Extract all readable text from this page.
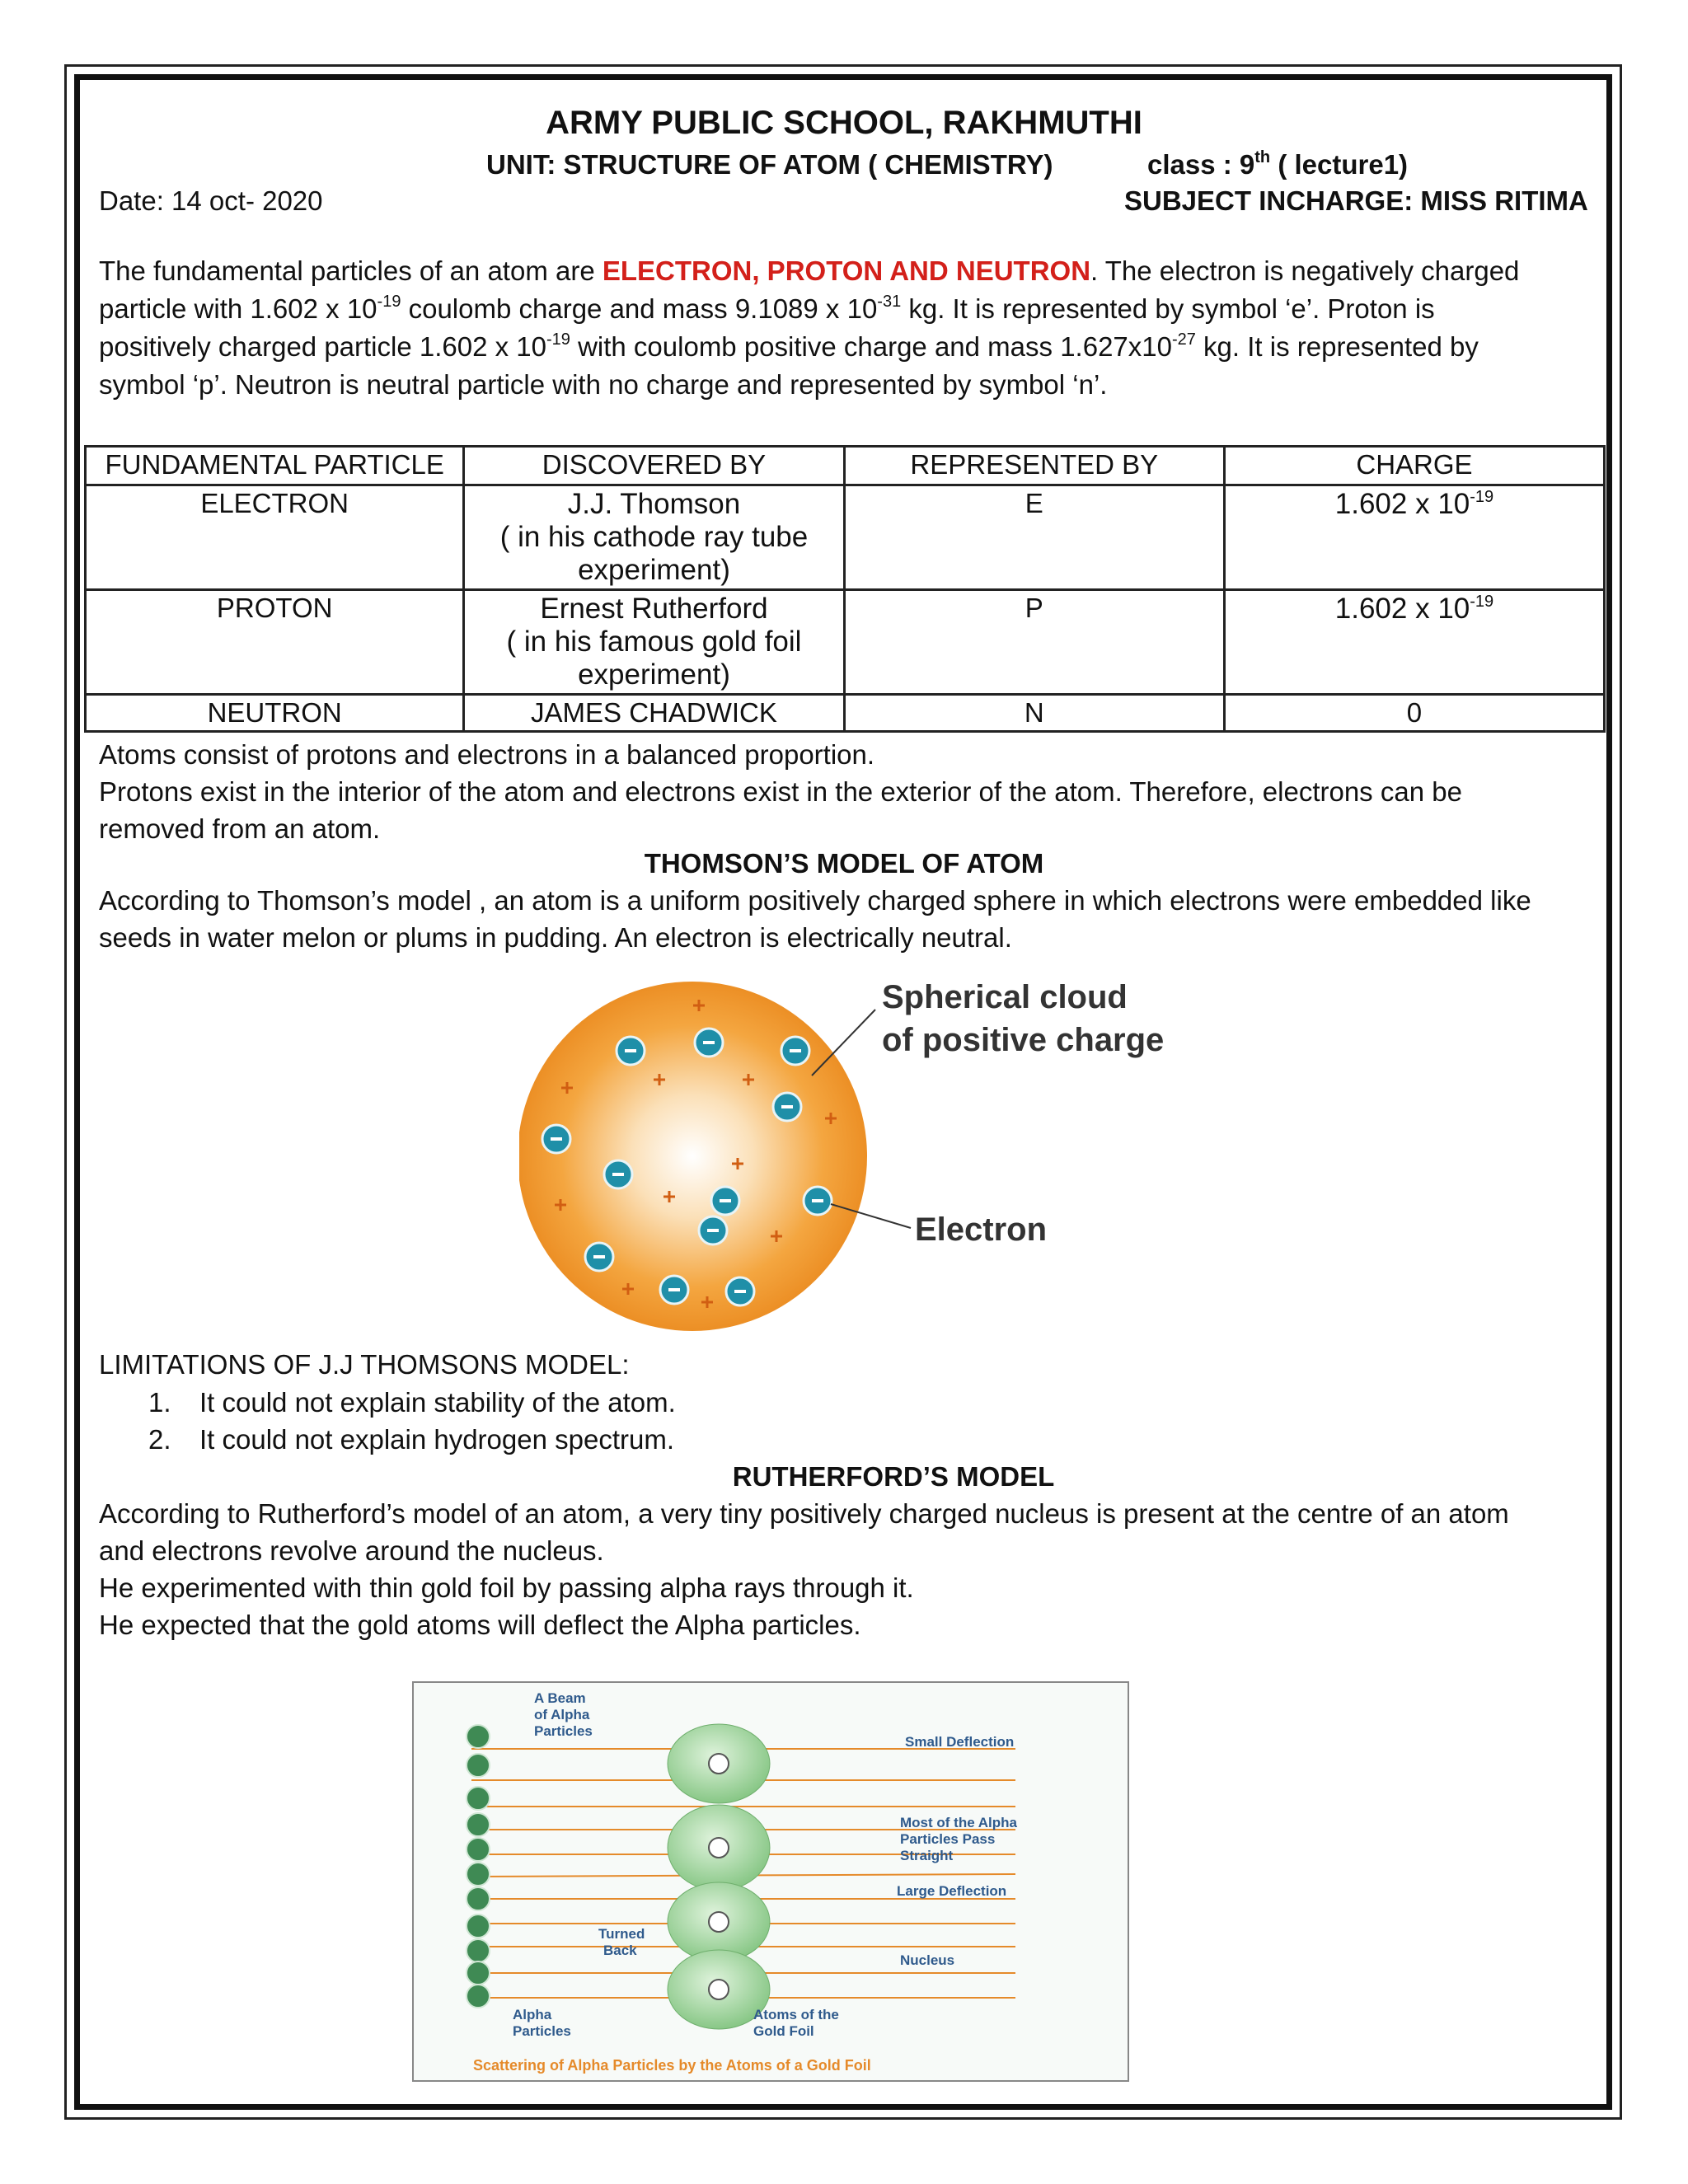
ARMY PUBLIC SCHOOL, RAKHMUTHI
UNIT: STRUCTURE OF ATOM ( CHEMISTRY)	class : 9th ( lecture1)
Date: 14 oct- 2020	SUBJECT INCHARGE: MISS RITIMA
The fundamental particles of an atom are ELECTRON, PROTON AND NEUTRON. The electron is negatively charged
particle with 1.602 x $10^{-19}$ coulomb charge and mass 9.1089 x $10^{-31}$ kg. It is represented by symbol ‘e’. Proton is
positively charged particle 1.602 x $10^{-19}$ with coulomb positive charge and mass $1.627x10^{-27}$ kg. It is represented by
symbol ‘p’. Neutron is neutral particle with no charge and represented by symbol ‘n’.
FUNDAMENTAL PARTICLE	DISCOVERED BY	REPRESENTED BY	CHARGE
ELECTRON	J.J. Thomson
( in his cathode ray tube
experiment)	E	1.602 x $10^{-19}$
PROTON	Ernest Rutherford
( in his famous gold foil
experiment)	P	1.602 x $10^{-19}$
NEUTRON	JAMES CHADWICK	N	0
Atoms consist of protons and electrons in a balanced proportion.
Protons exist in the interior of the atom and electrons exist in the exterior of the atom. Therefore, electrons can be
removed from an atom.
THOMSON’S MODEL OF ATOM
According to Thomson’s model , an atom is a uniform positively charged sphere in which electrons were embedded like
seeds in water melon or plums in pudding. An electron is electrically neutral.
Spherical cloud
of positive charge
Electron
LIMITATIONS OF J.J THOMSONS MODEL:
1. It could not explain stability of the atom.
2. It could not explain hydrogen spectrum.
RUTHERFORD’S MODEL
According to Rutherford’s model of an atom, a very tiny positively charged nucleus is present at the centre of an atom
and electrons revolve around the nucleus.
He experimented with thin gold foil by passing alpha rays through it.
He expected that the gold atoms will deflect the Alpha particles.
A Beam
of Alpha
Particles
Small Deflection
Most of the Alpha
Particles Pass
Straight
Large Deflection
Turned
Back
Nucleus
Alpha
Particles
Atoms of the
Gold Foil
Scattering of Alpha Particles by the Atoms of a Gold Foil
